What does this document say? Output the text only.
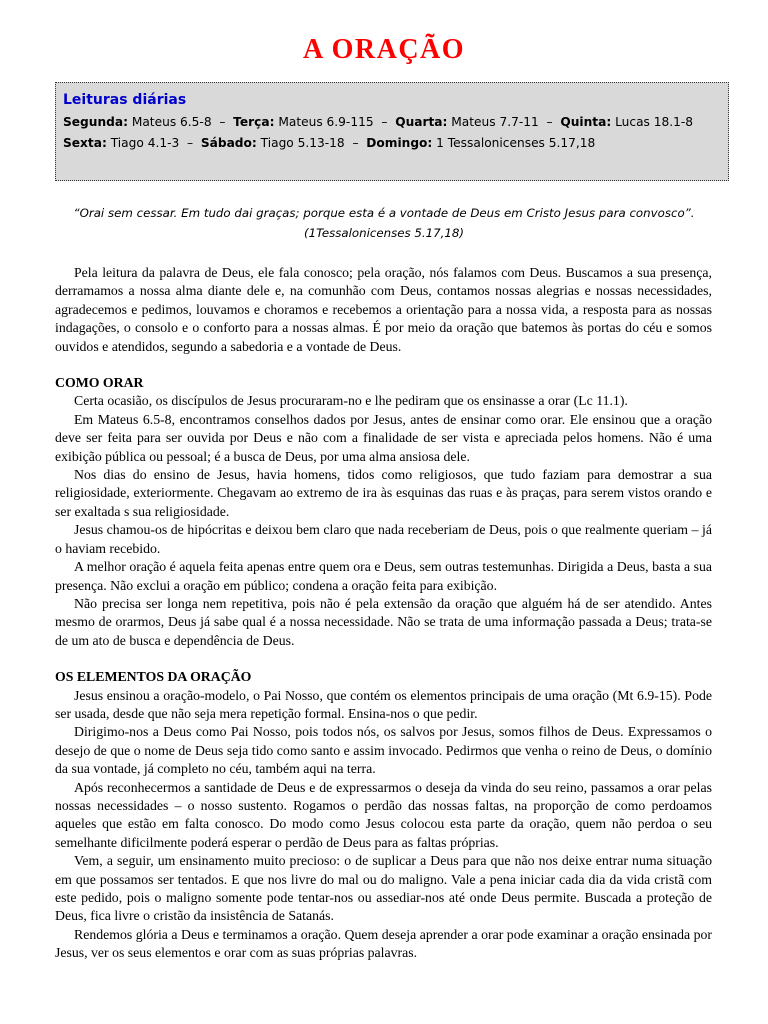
A ORAÇÃO
Leituras diárias
Segunda: Mateus 6.5-8 – Terça: Mateus 6.9-115 – Quarta: Mateus 7.7-11 – Quinta: Lucas 18.1-8
Sexta: Tiago 4.1-3 – Sábado: Tiago 5.13-18 – Domingo: 1 Tessalonicenses 5.17,18
“Orai sem cessar. Em tudo dai graças; porque esta é a vontade de Deus em Cristo Jesus para convosco”.
(1Tessalonicenses 5.17,18)

Pela leitura da palavra de Deus, ele fala conosco; pela oração, nós falamos com Deus. Buscamos a sua presença, derramamos a nossa alma diante dele e, na comunhão com Deus, contamos nossas alegrias e nossas necessidades, agradecemos e pedimos, louvamos e choramos e recebemos a orientação para a nossa vida, a resposta para as nossas indagações, o consolo e o conforto para a nossas almas. É por meio da oração que batemos às portas do céu e somos ouvidos e atendidos, segundo a sabedoria e a vontade de Deus.

COMO ORAR

Certa ocasião, os discípulos de Jesus procuraram-no e lhe pediram que os ensinasse a orar (Lc 11.1).

Em Mateus 6.5-8, encontramos conselhos dados por Jesus, antes de ensinar como orar. Ele ensinou que a oração deve ser feita para ser ouvida por Deus e não com a finalidade de ser vista e apreciada pelos homens. Não é uma exibição pública ou pessoal; é a busca de Deus, por uma alma ansiosa dele.

Nos dias do ensino de Jesus, havia homens, tidos como religiosos, que tudo faziam para demostrar a sua religiosidade, exteriormente. Chegavam ao extremo de ira às esquinas das ruas e às praças, para serem vistos orando e ser exaltada s sua religiosidade.

Jesus chamou-os de hipócritas e deixou bem claro que nada receberiam de Deus, pois o que realmente queriam – já o haviam recebido.

A melhor oração é aquela feita apenas entre quem ora e Deus, sem outras testemunhas. Dirigida a Deus, basta a sua presença. Não exclui a oração em público; condena a oração feita para exibição.

Não precisa ser longa nem repetitiva, pois não é pela extensão da oração que alguém há de ser atendido. Antes mesmo de orarmos, Deus já sabe qual é a nossa necessidade. Não se trata de uma informação passada a Deus; trata-se de um ato de busca e dependência de Deus.

OS ELEMENTOS DA ORAÇÃO

Jesus ensinou a oração-modelo, o Pai Nosso, que contém os elementos principais de uma oração (Mt 6.9-15). Pode ser usada, desde que não seja mera repetição formal. Ensina-nos o que pedir.

Dirigimo-nos a Deus como Pai Nosso, pois todos nós, os salvos por Jesus, somos filhos de Deus. Expressamos o desejo de que o nome de Deus seja tido como santo e assim invocado. Pedirmos que venha o reino de Deus, o domínio da sua vontade, já completo no céu, também aqui na terra.

Após reconhecermos a santidade de Deus e de expressarmos o deseja da vinda do seu reino, passamos a orar pelas nossas necessidades – o nosso sustento. Rogamos o perdão das nossas faltas, na proporção de como perdoamos aqueles que estão em falta conosco. Do modo como Jesus colocou esta parte da oração, quem não perdoa o seu semelhante dificilmente poderá esperar o perdão de Deus para as faltas próprias.

Vem, a seguir, um ensinamento muito precioso: o de suplicar a Deus para que não nos deixe entrar numa situação em que possamos ser tentados. E que nos livre do mal ou do maligno. Vale a pena iniciar cada dia da vida cristã com este pedido, pois o maligno somente pode tentar-nos ou assediar-nos até onde Deus permite. Buscada a proteção de Deus, fica livre o cristão da insistência de Satanás.

Rendemos glória a Deus e terminamos a oração. Quem deseja aprender a orar pode examinar a oração ensinada por Jesus, ver os seus elementos e orar com as suas próprias palavras.
